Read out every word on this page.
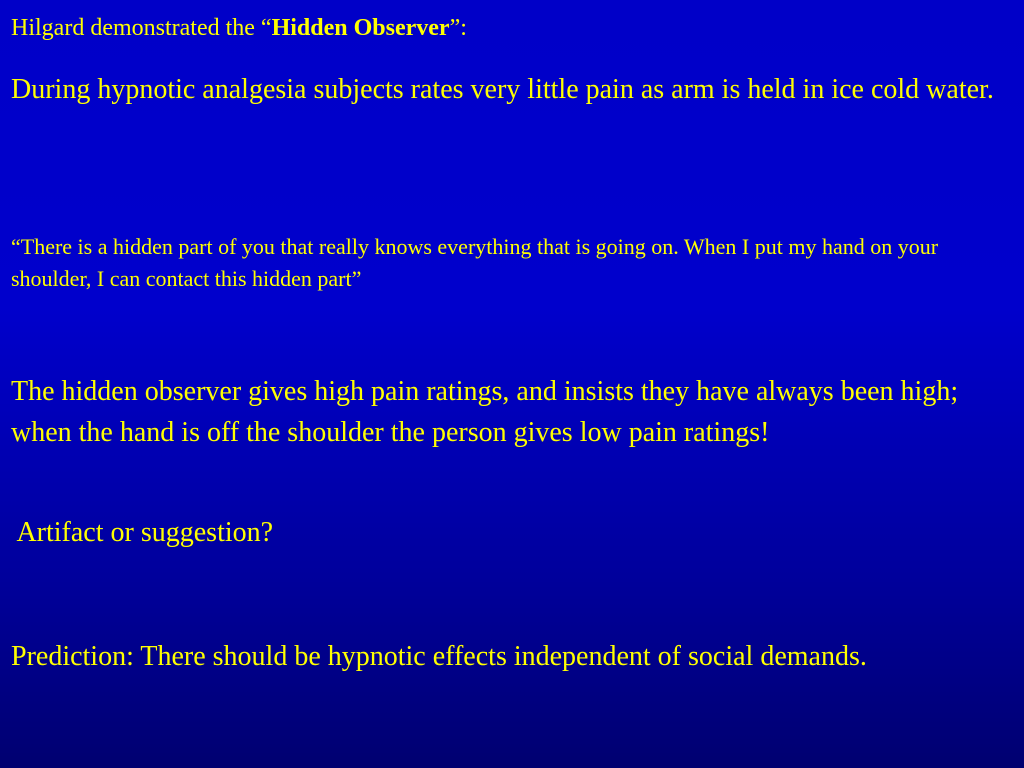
Hilgard demonstrated the “Hidden Observer”:

During hypnotic analgesia subjects rates very little pain as arm is held in ice cold water.

“There is a hidden part of you that really knows everything that is going on. When I put my hand on your shoulder, I can contact this hidden part”

The hidden observer gives high pain ratings, and insists they have always been high; when the hand is off the shoulder the person gives low pain ratings!

Artifact or suggestion?

Prediction: There should be hypnotic effects independent of social demands.
